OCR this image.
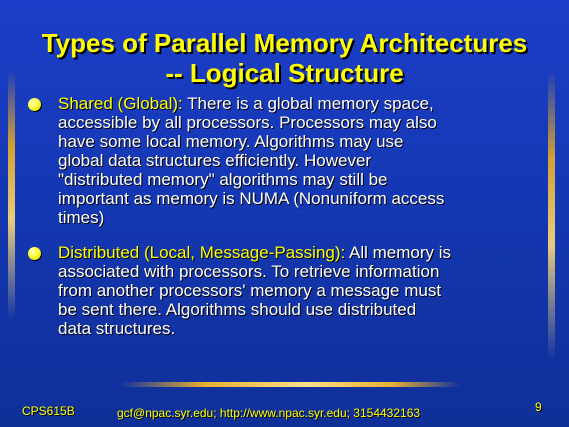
Types of Parallel Memory Architectures
-- Logical Structure
Shared (Global): There is a global memory space,
accessible by all processors. Processors may also
have some local memory. Algorithms may use
global data structures efficiently. However
"distributed memory" algorithms may still be
important as memory is NUMA (Nonuniform access
times)
Distributed (Local, Message-Passing): All memory is
associated with processors. To retrieve information
from another processors' memory a message must
be sent there. Algorithms should use distributed
data structures.
CPS615B	gcf@npac.syr.edu; http://www.npac.syr.edu; 3154432163	9
